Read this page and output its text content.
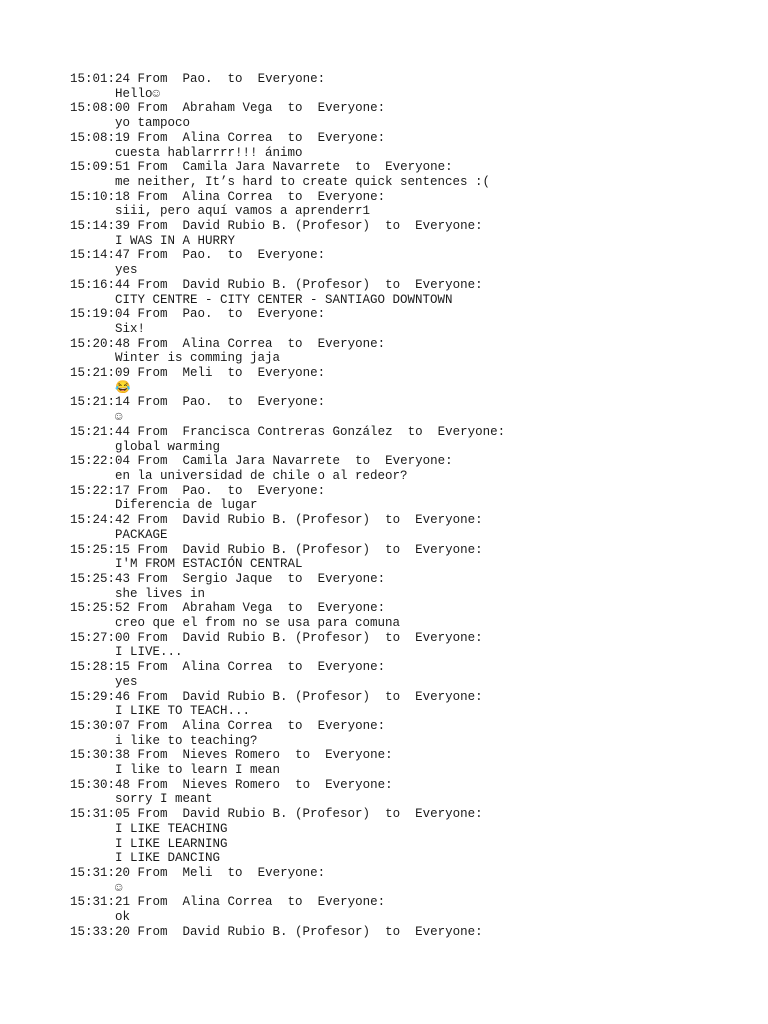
15:01:24 From  Pao.  to  Everyone:
Hello☺
15:08:00 From  Abraham Vega  to  Everyone:
yo tampoco
15:08:19 From  Alina Correa  to  Everyone:
cuesta hablarrrr!!! ánimo
15:09:51 From  Camila Jara Navarrete  to  Everyone:
me neither, It’s hard to create quick sentences :(
15:10:18 From  Alina Correa  to  Everyone:
siii, pero aquí vamos a aprenderr1
15:14:39 From  David Rubio B. (Profesor)  to  Everyone:
I WAS IN A HURRY
15:14:47 From  Pao.  to  Everyone:
yes
15:16:44 From  David Rubio B. (Profesor)  to  Everyone:
CITY CENTRE - CITY CENTER - SANTIAGO DOWNTOWN
15:19:04 From  Pao.  to  Everyone:
Six!
15:20:48 From  Alina Correa  to  Everyone:
Winter is comming jaja
15:21:09 From  Meli  to  Everyone:
😂
15:21:14 From  Pao.  to  Everyone:
☺
15:21:44 From  Francisca Contreras González  to  Everyone:
global warming
15:22:04 From  Camila Jara Navarrete  to  Everyone:
en la universidad de chile o al redeor?
15:22:17 From  Pao.  to  Everyone:
Diferencia de lugar
15:24:42 From  David Rubio B. (Profesor)  to  Everyone:
PACKAGE
15:25:15 From  David Rubio B. (Profesor)  to  Everyone:
I'M FROM ESTACIÓN CENTRAL
15:25:43 From  Sergio Jaque  to  Everyone:
she lives in
15:25:52 From  Abraham Vega  to  Everyone:
creo que el from no se usa para comuna
15:27:00 From  David Rubio B. (Profesor)  to  Everyone:
I LIVE...
15:28:15 From  Alina Correa  to  Everyone:
yes
15:29:46 From  David Rubio B. (Profesor)  to  Everyone:
I LIKE TO TEACH...
15:30:07 From  Alina Correa  to  Everyone:
i like to teaching?
15:30:38 From  Nieves Romero  to  Everyone:
I like to learn I mean
15:30:48 From  Nieves Romero  to  Everyone:
sorry I meant
15:31:05 From  David Rubio B. (Profesor)  to  Everyone:
I LIKE TEACHING
I LIKE LEARNING
I LIKE DANCING
15:31:20 From  Meli  to  Everyone:
☺
15:31:21 From  Alina Correa  to  Everyone:
ok
15:33:20 From  David Rubio B. (Profesor)  to  Everyone:
